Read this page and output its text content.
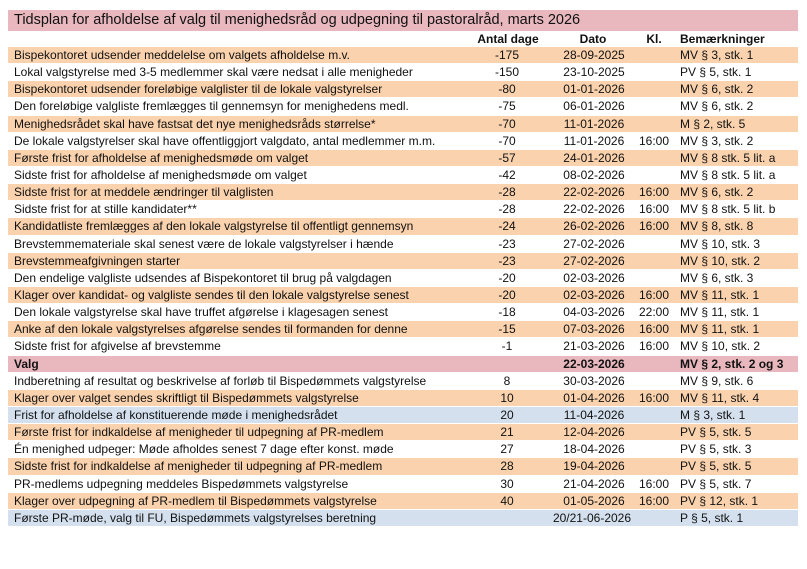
Tidsplan for afholdelse af valg til menighedsråd og udpegning til pastoralråd, marts 2026
Antal dage	Dato	Kl.	Bemærkninger
Bispekontoret udsender meddelelse om valgets afholdelse m.v.	-175	28-09-2025	MV § 3, stk. 1
Lokal valgstyrelse med 3-5 medlemmer skal være nedsat i alle menigheder	-150	23-10-2025	PV § 5, stk. 1
Bispekontoret udsender foreløbige valglister til de lokale valgstyrelser	-80	01-01-2026	MV § 6, stk. 2
Den foreløbige valgliste fremlægges til gennemsyn for menighedens medl.	-75	06-01-2026	MV § 6, stk. 2
Menighedsrådet skal have fastsat det nye menighedsråds størrelse*	-70	11-01-2026	M § 2, stk. 5
De lokale valgstyrelser skal have offentliggjort valgdato, antal medlemmer m.m.	-70	11-01-2026	16:00 MV § 3, stk. 2
Første frist for afholdelse af menighedsmøde om valget	-57	24-01-2026	MV § 8 stk. 5 lit. a
Sidste frist for afholdelse af menighedsmøde om valget	-42	08-02-2026	MV § 8 stk. 5 lit. a
Sidste frist for at meddele ændringer til valglisten	-28	22-02-2026	16:00 MV § 6, stk. 2
Sidste frist for at stille kandidater**	-28	22-02-2026	16:00 MV § 8 stk. 5 lit. b
Kandidatliste fremlægges af den lokale valgstyrelse til offentligt gennemsyn	-24	26-02-2026	16:00 MV § 8, stk. 8
Brevstemmemateriale skal senest være de lokale valgstyrelser i hænde	-23	27-02-2026	MV § 10, stk. 3
Brevstemmeafgivningen starter	-23	27-02-2026	MV § 10, stk. 2
Den endelige valgliste udsendes af Bispekontoret til brug på valgdagen	-20	02-03-2026	MV § 6, stk. 3
Klager over kandidat- og valgliste sendes til den lokale valgstyrelse senest	-20	02-03-2026	16:00 MV § 11, stk. 1
Den lokale valgstyrelse skal have truffet afgørelse i klagesagen senest	-18	04-03-2026	22:00 MV § 11, stk. 1
Anke af den lokale valgstyrelses afgørelse sendes til formanden for denne	-15	07-03-2026	16:00 MV § 11, stk. 1
Sidste frist for afgivelse af brevstemme	-1	21-03-2026	16:00 MV § 10, stk. 2
Valg	22-03-2026	MV § 2, stk. 2 og 3
Indberetning af resultat og beskrivelse af forløb til Bispedømmets valgstyrelse	8	30-03-2026	MV § 9, stk. 6
Klager over valget sendes skriftligt til Bispedømmets valgstyrelse	10	01-04-2026	16:00 MV § 11, stk. 4
Frist for afholdelse af konstituerende møde i menighedsrådet	20	11-04-2026	M § 3, stk. 1
Første frist for indkaldelse af menigheder til udpegning af PR-medlem	21	12-04-2026	PV § 5, stk. 5
Én menighed udpeger: Møde afholdes senest 7 dage efter konst. møde	27	18-04-2026	PV § 5, stk. 3
Sidste frist for indkaldelse af menigheder til udpegning af PR-medlem	28	19-04-2026	PV § 5, stk. 5
PR-medlems udpegning meddeles Bispedømmets valgstyrelse	30	21-04-2026	16:00 PV § 5, stk. 7
Klager over udpegning af PR-medlem til Bispedømmets valgstyrelse	40	01-05-2026	16:00 PV § 12, stk. 1
Første PR-møde, valg til FU, Bispedømmets valgstyrelses beretning	20/21-06-2026	P § 5, stk. 1
